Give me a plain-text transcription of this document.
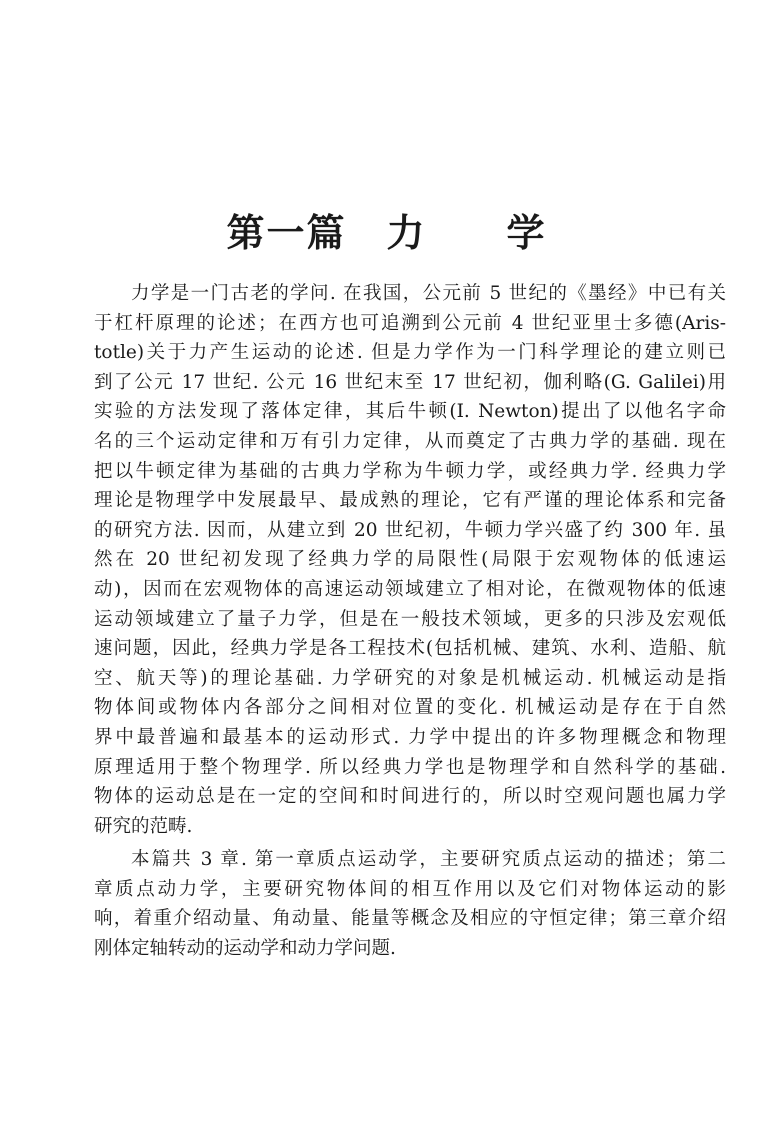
第一篇　力　　学
力学是一门古老的学问. 在我国，公元前 5 世纪的《墨经》中已有关
于杠杆原理的论述；在西方也可追溯到公元前 4 世纪亚里士多德(Aris-
totle)关于力产生运动的论述. 但是力学作为一门科学理论的建立则已
到了公元 17 世纪. 公元 16 世纪末至 17 世纪初，伽利略(G. Galilei)用
实验的方法发现了落体定律，其后牛顿(I. Newton)提出了以他名字命
名的三个运动定律和万有引力定律，从而奠定了古典力学的基础. 现在
把以牛顿定律为基础的古典力学称为牛顿力学，或经典力学. 经典力学
理论是物理学中发展最早、最成熟的理论，它有严谨的理论体系和完备
的研究方法. 因而，从建立到 20 世纪初，牛顿力学兴盛了约 300 年. 虽
然在 20 世纪初发现了经典力学的局限性(局限于宏观物体的低速运
动)，因而在宏观物体的高速运动领域建立了相对论，在微观物体的低速
运动领域建立了量子力学，但是在一般技术领域，更多的只涉及宏观低
速问题，因此，经典力学是各工程技术(包括机械、建筑、水利、造船、航
空、航天等)的理论基础. 力学研究的对象是机械运动. 机械运动是指
物体间或物体内各部分之间相对位置的变化. 机械运动是存在于自然
界中最普遍和最基本的运动形式. 力学中提出的许多物理概念和物理
原理适用于整个物理学. 所以经典力学也是物理学和自然科学的基础.
物体的运动总是在一定的空间和时间进行的，所以时空观问题也属力学
研究的范畴.
本篇共 3 章. 第一章质点运动学，主要研究质点运动的描述；第二
章质点动力学，主要研究物体间的相互作用以及它们对物体运动的影
响，着重介绍动量、角动量、能量等概念及相应的守恒定律；第三章介绍
刚体定轴转动的运动学和动力学问题.
